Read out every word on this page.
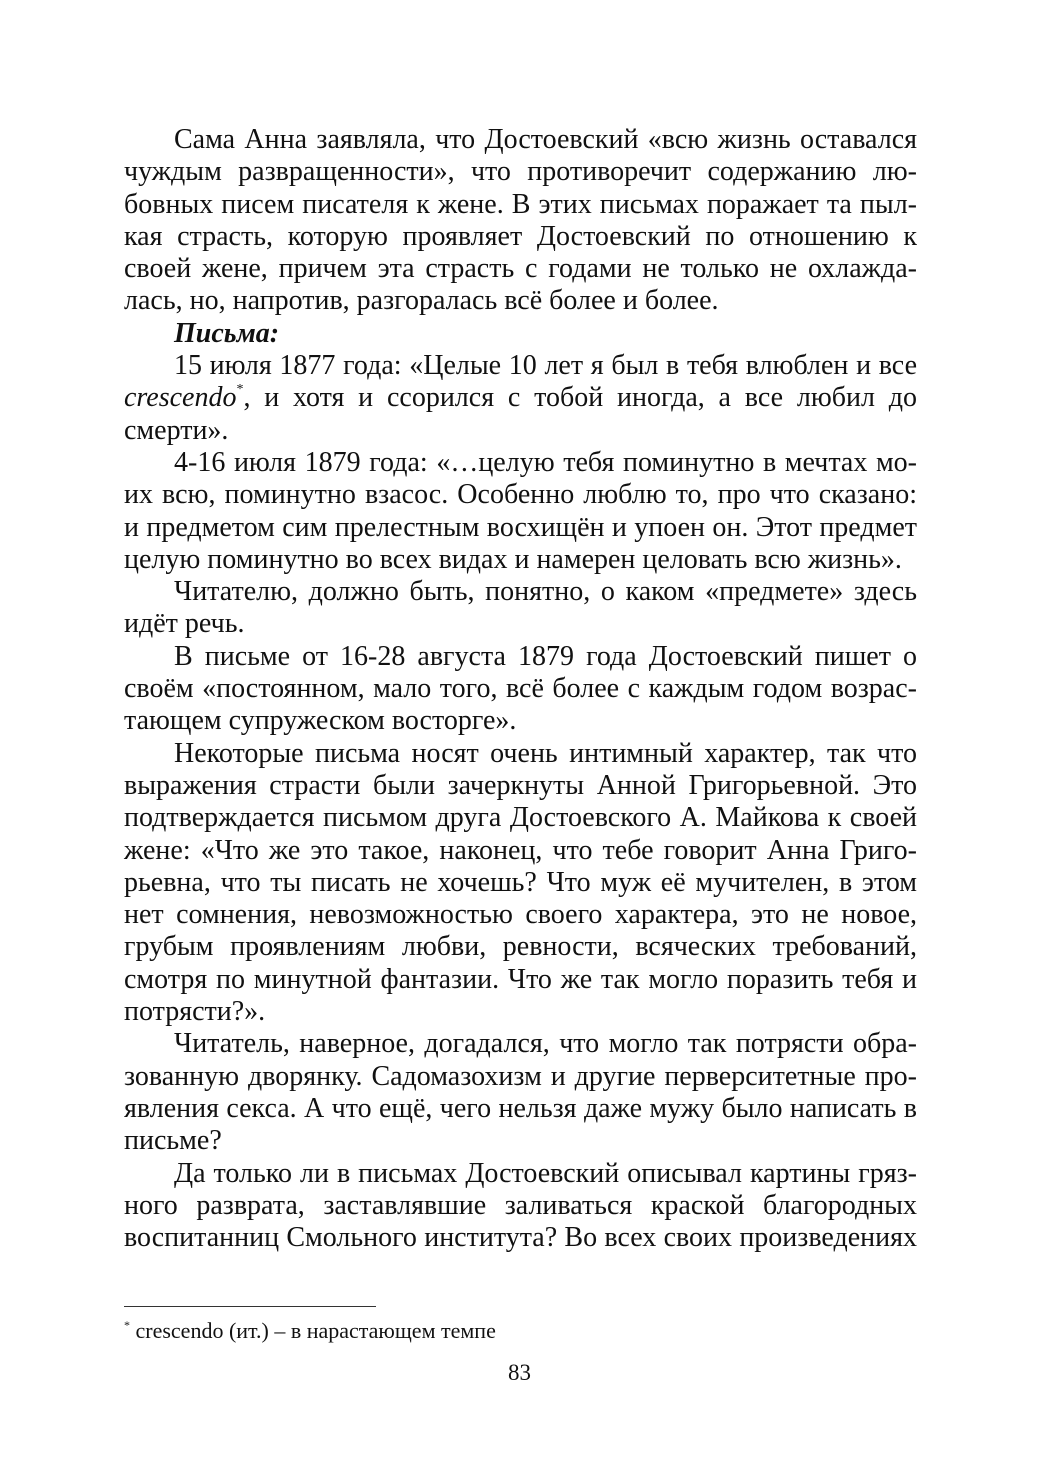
Сама Анна заявляла, что Достоевский «всю жизнь оставался
чуждым развращенности», что противоречит содержанию лю-
бовных писем писателя к жене. В этих письмах поражает та пыл-
кая страсть, которую проявляет Достоевский по отношению к
своей жене, причем эта страсть с годами не только не охлажда-
лась, но, напротив, разгоралась всё более и более.
Письма:
15 июля 1877 года: «Целые 10 лет я был в тебя влюблен и все
crescendo*, и хотя и ссорился с тобой иногда, а все любил до
смерти».
4-16 июля 1879 года: «…целую тебя поминутно в мечтах мо-
их всю, поминутно взасос. Особенно люблю то, про что сказано:
и предметом сим прелестным восхищён и упоен он. Этот предмет
целую поминутно во всех видах и намерен целовать всю жизнь».
Читателю, должно быть, понятно, о каком «предмете» здесь
идёт речь.
В письме от 16-28 августа 1879 года Достоевский пишет о
своём «постоянном, мало того, всё более с каждым годом возрас-
тающем супружеском восторге».
Некоторые письма носят очень интимный характер, так что
выражения страсти были зачеркнуты Анной Григорьевной. Это
подтверждается письмом друга Достоевского А. Майкова к своей
жене: «Что же это такое, наконец, что тебе говорит Анна Григо-
рьевна, что ты писать не хочешь? Что муж её мучителен, в этом
нет сомнения, невозможностью своего характера, это не новое,
грубым проявлениям любви, ревности, всяческих требований,
смотря по минутной фантазии. Что же так могло поразить тебя и
потрясти?».
Читатель, наверное, догадался, что могло так потрясти обра-
зованную дворянку. Садомазохизм и другие перверситетные про-
явления секса. А что ещё, чего нельзя даже мужу было написать в
письме?
Да только ли в письмах Достоевский описывал картины гряз-
ного разврата, заставлявшие заливаться краской благородных
воспитанниц Смольного института? Во всех своих произведениях
* crescendo (ит.) – в нарастающем темпе
83
